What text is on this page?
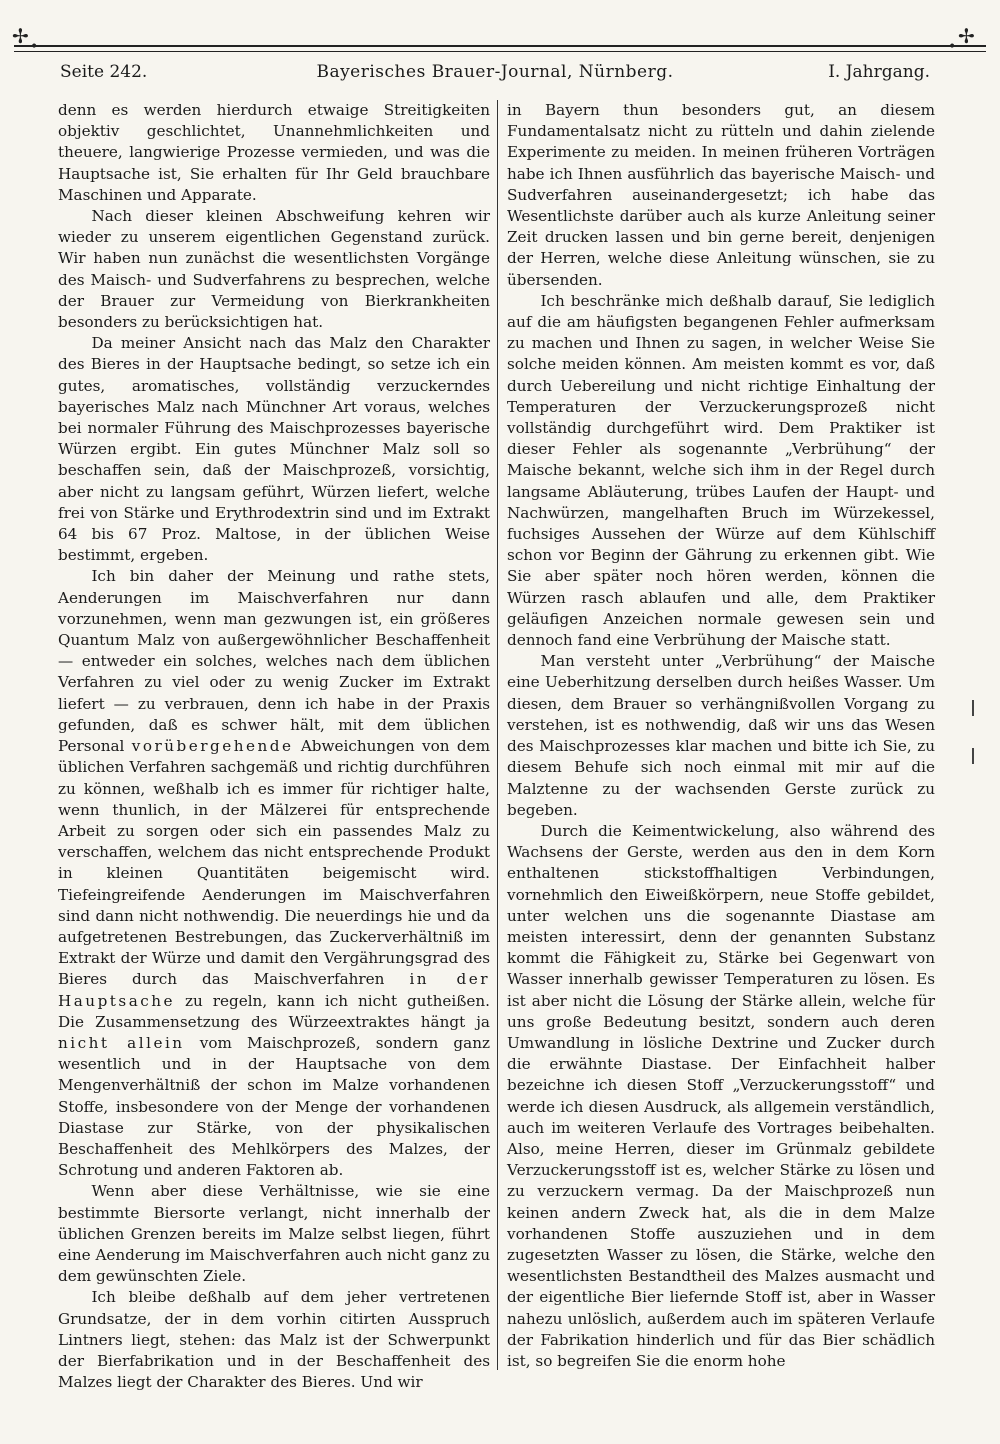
✢ •	• ✢
Seite 242.	Bayerisches Brauer-Journal, Nürnberg.	I. Jahrgang.

denn es werden hierdurch etwaige Streitigkeiten objektiv geschlichtet, Unannehmlichkeiten und theuere, langwierige Prozesse vermieden, und was die Hauptsache ist, Sie erhalten für Ihr Geld brauchbare Maschinen und Apparate.

Nach dieser kleinen Abschweifung kehren wir wieder zu unserem eigentlichen Gegenstand zurück. Wir haben nun zunächst die wesentlichsten Vorgänge des Maisch- und Sudverfahrens zu besprechen, welche der Brauer zur Vermeidung von Bierkrankheiten besonders zu berücksichtigen hat.

Da meiner Ansicht nach das Malz den Charakter des Bieres in der Hauptsache bedingt, so setze ich ein gutes, aromatisches, vollständig verzuckerndes bayerisches Malz nach Münchner Art voraus, welches bei normaler Führung des Maischprozesses bayerische Würzen ergibt. Ein gutes Münchner Malz soll so beschaffen sein, daß der Maischprozeß, vorsichtig, aber nicht zu langsam geführt, Würzen liefert, welche frei von Stärke und Erythrodextrin sind und im Extrakt 64 bis 67 Proz. Maltose, in der üblichen Weise bestimmt, ergeben.

Ich bin daher der Meinung und rathe stets, Aenderungen im Maischverfahren nur dann vorzunehmen, wenn man gezwungen ist, ein größeres Quantum Malz von außergewöhnlicher Beschaffenheit — entweder ein solches, welches nach dem üblichen Verfahren zu viel oder zu wenig Zucker im Extrakt liefert — zu verbrauen, denn ich habe in der Praxis gefunden, daß es schwer hält, mit dem üblichen Personal vorübergehende Abweichungen von dem üblichen Verfahren sachgemäß und richtig durchführen zu können, weßhalb ich es immer für richtiger halte, wenn thunlich, in der Mälzerei für entsprechende Arbeit zu sorgen oder sich ein passendes Malz zu verschaffen, welchem das nicht entsprechende Produkt in kleinen Quantitäten beigemischt wird. Tiefeingreifende Aenderungen im Maischverfahren sind dann nicht nothwendig. Die neuerdings hie und da aufgetretenen Bestrebungen, das Zuckerverhältniß im Extrakt der Würze und damit den Vergährungsgrad des Bieres durch das Maischverfahren in der Hauptsache zu regeln, kann ich nicht gutheißen. Die Zusammensetzung des Würzeextraktes hängt ja nicht allein vom Maischprozeß, sondern ganz wesentlich und in der Hauptsache von dem Mengenverhältniß der schon im Malze vorhandenen Stoffe, insbesondere von der Menge der vorhandenen Diastase zur Stärke, von der physikalischen Beschaffenheit des Mehlkörpers des Malzes, der Schrotung und anderen Faktoren ab.

Wenn aber diese Verhältnisse, wie sie eine bestimmte Biersorte verlangt, nicht innerhalb der üblichen Grenzen bereits im Malze selbst liegen, führt eine Aenderung im Maischverfahren auch nicht ganz zu dem gewünschten Ziele.

Ich bleibe deßhalb auf dem jeher vertretenen Grundsatze, der in dem vorhin citirten Ausspruch Lintners liegt, stehen: das Malz ist der Schwerpunkt der Bierfabrikation und in der Beschaffenheit des Malzes liegt der Charakter des Bieres. Und wir

in Bayern thun besonders gut, an diesem Fundamentalsatz nicht zu rütteln und dahin zielende Experimente zu meiden. In meinen früheren Vorträgen habe ich Ihnen ausführlich das bayerische Maisch- und Sudverfahren auseinandergesetzt; ich habe das Wesentlichste darüber auch als kurze Anleitung seiner Zeit drucken lassen und bin gerne bereit, denjenigen der Herren, welche diese Anleitung wünschen, sie zu übersenden.

Ich beschränke mich deßhalb darauf, Sie lediglich auf die am häufigsten begangenen Fehler aufmerksam zu machen und Ihnen zu sagen, in welcher Weise Sie solche meiden können. Am meisten kommt es vor, daß durch Uebereilung und nicht richtige Einhaltung der Temperaturen der Verzuckerungsprozeß nicht vollständig durchgeführt wird. Dem Praktiker ist dieser Fehler als sogenannte „Verbrühung“ der Maische bekannt, welche sich ihm in der Regel durch langsame Abläuterung, trübes Laufen der Haupt- und Nachwürzen, mangelhaften Bruch im Würzekessel, fuchsiges Aussehen der Würze auf dem Kühlschiff schon vor Beginn der Gährung zu erkennen gibt. Wie Sie aber später noch hören werden, können die Würzen rasch ablaufen und alle, dem Praktiker geläufigen Anzeichen normale gewesen sein und dennoch fand eine Verbrühung der Maische statt.

Man versteht unter „Verbrühung“ der Maische eine Ueberhitzung derselben durch heißes Wasser. Um diesen, dem Brauer so verhängnißvollen Vorgang zu verstehen, ist es nothwendig, daß wir uns das Wesen des Maischprozesses klar machen und bitte ich Sie, zu diesem Behufe sich noch einmal mit mir auf die Malztenne zu der wachsenden Gerste zurück zu begeben.

Durch die Keimentwickelung, also während des Wachsens der Gerste, werden aus den in dem Korn enthaltenen stickstoffhaltigen Verbindungen, vornehmlich den Eiweißkörpern, neue Stoffe gebildet, unter welchen uns die sogenannte Diastase am meisten interessirt, denn der genannten Substanz kommt die Fähigkeit zu, Stärke bei Gegenwart von Wasser innerhalb gewisser Temperaturen zu lösen. Es ist aber nicht die Lösung der Stärke allein, welche für uns große Bedeutung besitzt, sondern auch deren Umwandlung in lösliche Dextrine und Zucker durch die erwähnte Diastase. Der Einfachheit halber bezeichne ich diesen Stoff „Verzuckerungsstoff“ und werde ich diesen Ausdruck, als allgemein verständlich, auch im weiteren Verlaufe des Vortrages beibehalten. Also, meine Herren, dieser im Grünmalz gebildete Verzuckerungsstoff ist es, welcher Stärke zu lösen und zu verzuckern vermag. Da der Maischprozeß nun keinen andern Zweck hat, als die in dem Malze vorhandenen Stoffe auszuziehen und in dem zugesetzten Wasser zu lösen, die Stärke, welche den wesentlichsten Bestandtheil des Malzes ausmacht und der eigentliche Bier liefernde Stoff ist, aber in Wasser nahezu unlöslich, außerdem auch im späteren Verlaufe der Fabrikation hinderlich und für das Bier schädlich ist, so begreifen Sie die enorm hohe
